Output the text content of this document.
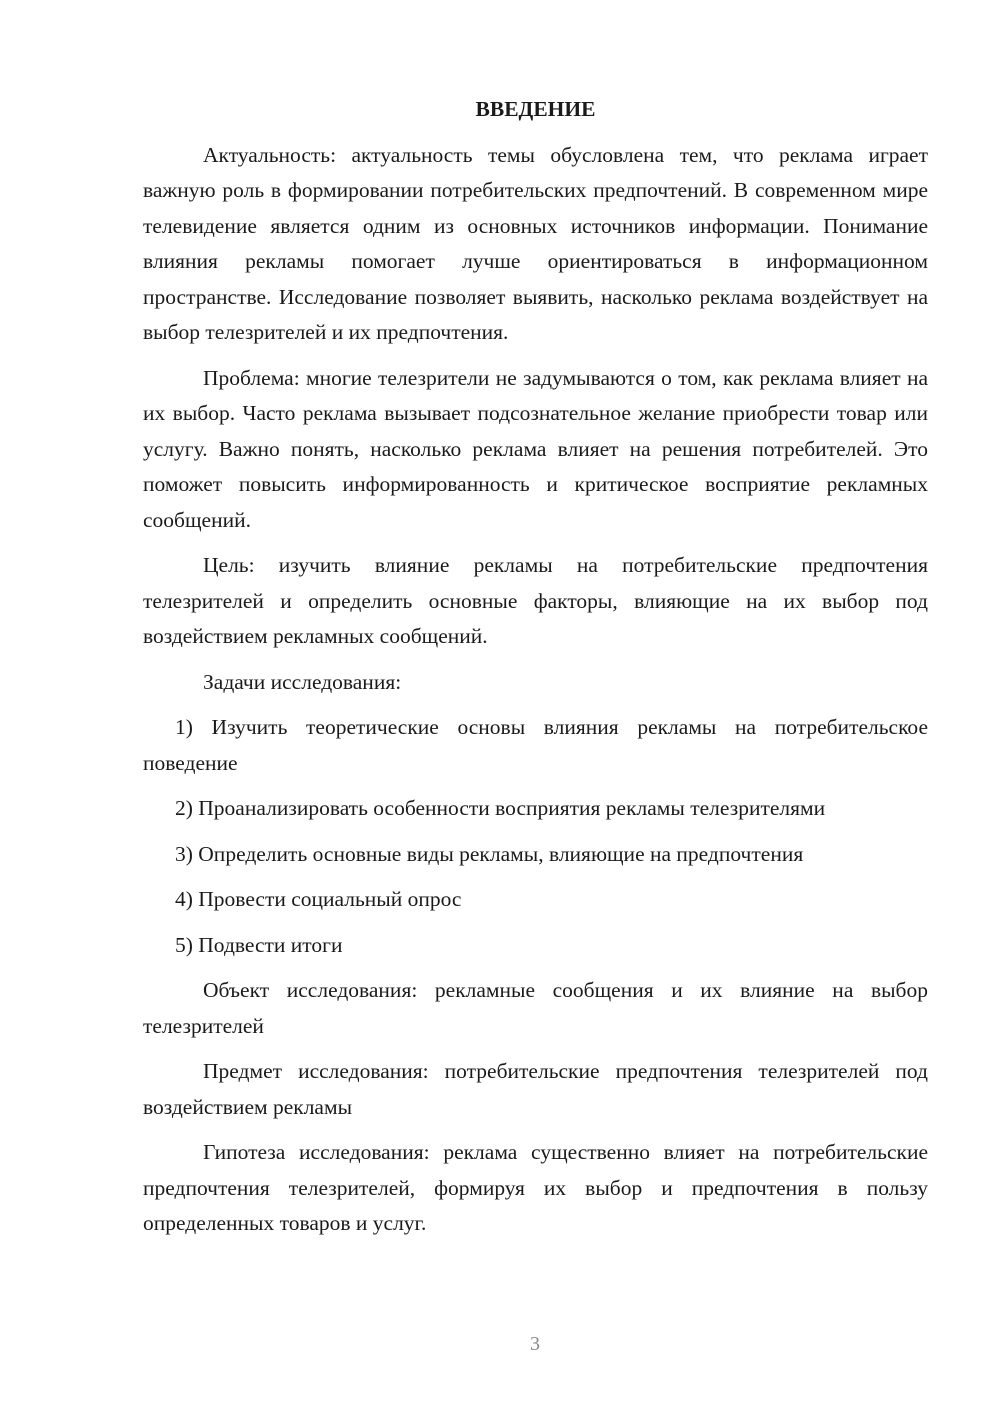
ВВЕДЕНИЕ

Актуальность: актуальность темы обусловлена тем, что реклама играет важную роль в формировании потребительских предпочтений. В современном мире телевидение является одним из основных источников информации. Понимание влияния рекламы помогает лучше ориентироваться в информационном пространстве. Исследование позволяет выявить, насколько реклама воздействует на выбор телезрителей и их предпочтения.

Проблема: многие телезрители не задумываются о том, как реклама влияет на их выбор. Часто реклама вызывает подсознательное желание приобрести товар или услугу. Важно понять, насколько реклама влияет на решения потребителей. Это поможет повысить информированность и критическое восприятие рекламных сообщений.

Цель: изучить влияние рекламы на потребительские предпочтения телезрителей и определить основные факторы, влияющие на их выбор под воздействием рекламных сообщений.

Задачи исследования:

1) Изучить теоретические основы влияния рекламы на потребительское поведение

2) Проанализировать особенности восприятия рекламы телезрителями

3) Определить основные виды рекламы, влияющие на предпочтения

4) Провести социальный опрос

5) Подвести итоги

Объект исследования: рекламные сообщения и их влияние на выбор телезрителей

Предмет исследования: потребительские предпочтения телезрителей под воздействием рекламы

Гипотеза исследования: реклама существенно влияет на потребительские предпочтения телезрителей, формируя их выбор и предпочтения в пользу определенных товаров и услуг.

3
